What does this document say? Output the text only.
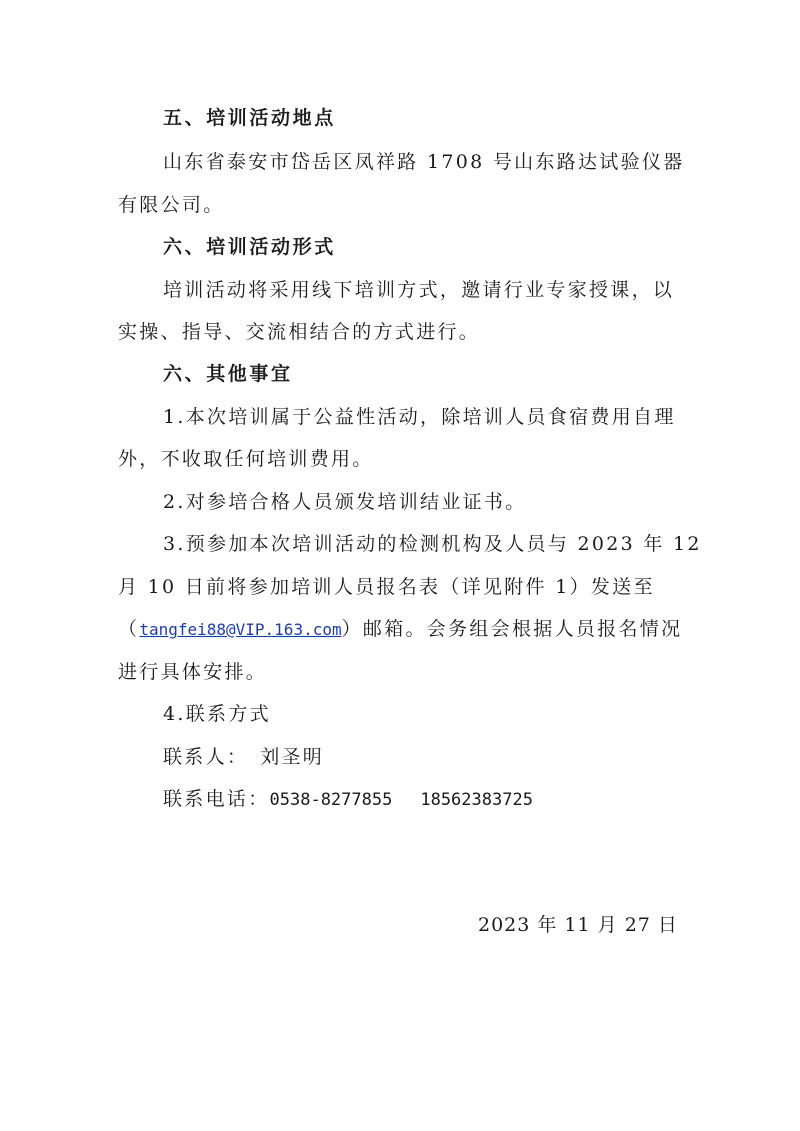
五、培训活动地点
山东省泰安市岱岳区凤祥路 1708 号山东路达试验仪器
有限公司。
六、培训活动形式
培训活动将采用线下培训方式，邀请行业专家授课，以
实操、指导、交流相结合的方式进行。
六、其他事宜
1.本次培训属于公益性活动，除培训人员食宿费用自理
外，不收取任何培训费用。
2.对参培合格人员颁发培训结业证书。
3.预参加本次培训活动的检测机构及人员与 2023 年 12
月 10 日前将参加培训人员报名表（详见附件 1）发送至
（tangfei88@VIP.163.com）邮箱。会务组会根据人员报名情况
进行具体安排。
4.联系方式
联系人： 刘圣明
联系电话：0538-8277855 18562383725
2023 年 11 月 27 日
